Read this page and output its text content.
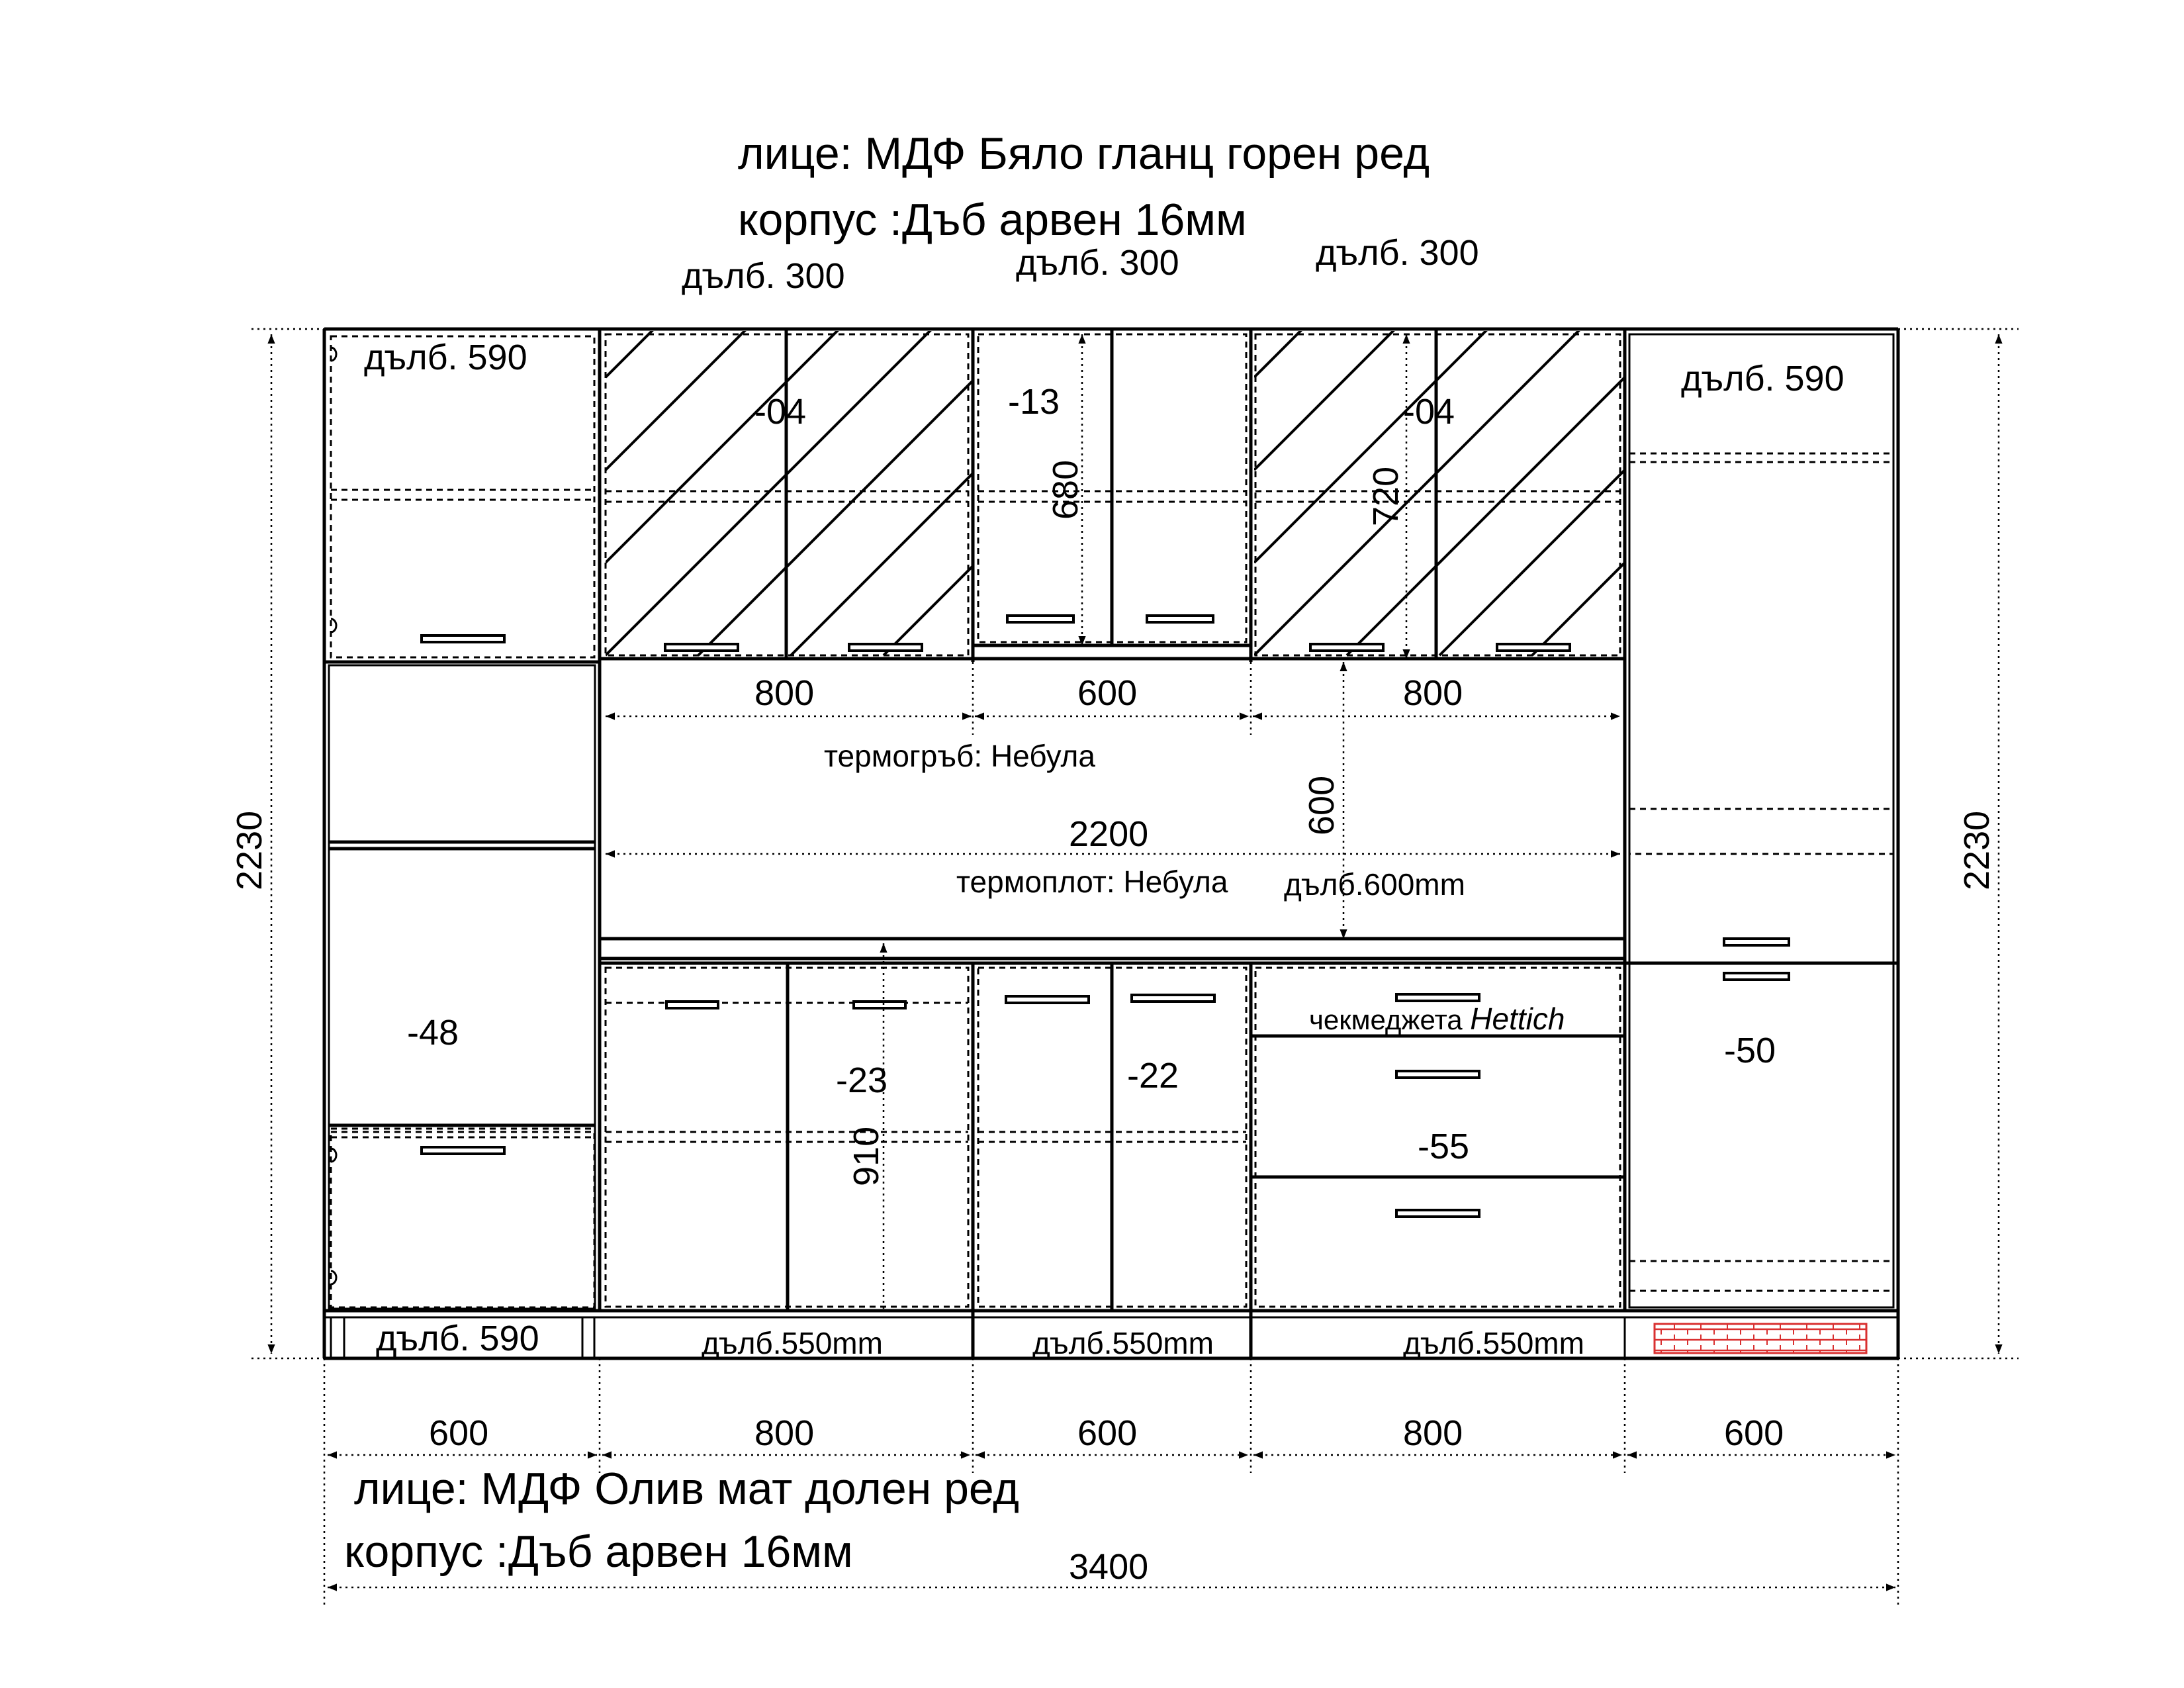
лице: МДФ Бяло гланц горен ред
корпус :Дъб арвен 16мм
дълб. 300	дълб. 300	дълб. 300
дълб. 590
-48
-04	-13	-04
680	720
800	600	800
термогръб: Небула
2200	600
термоплот: Небула дълб.600mm
-23
910
-22
чекмеджета Hettich
-55
дълб. 590
-50
дълб. 590	дълб.550mm	дълб.550mm	дълб.550mm
2230	2230
600	800	600	800	600
3400
лице: МДФ Олив мат долен ред
корпус :Дъб арвен 16мм
